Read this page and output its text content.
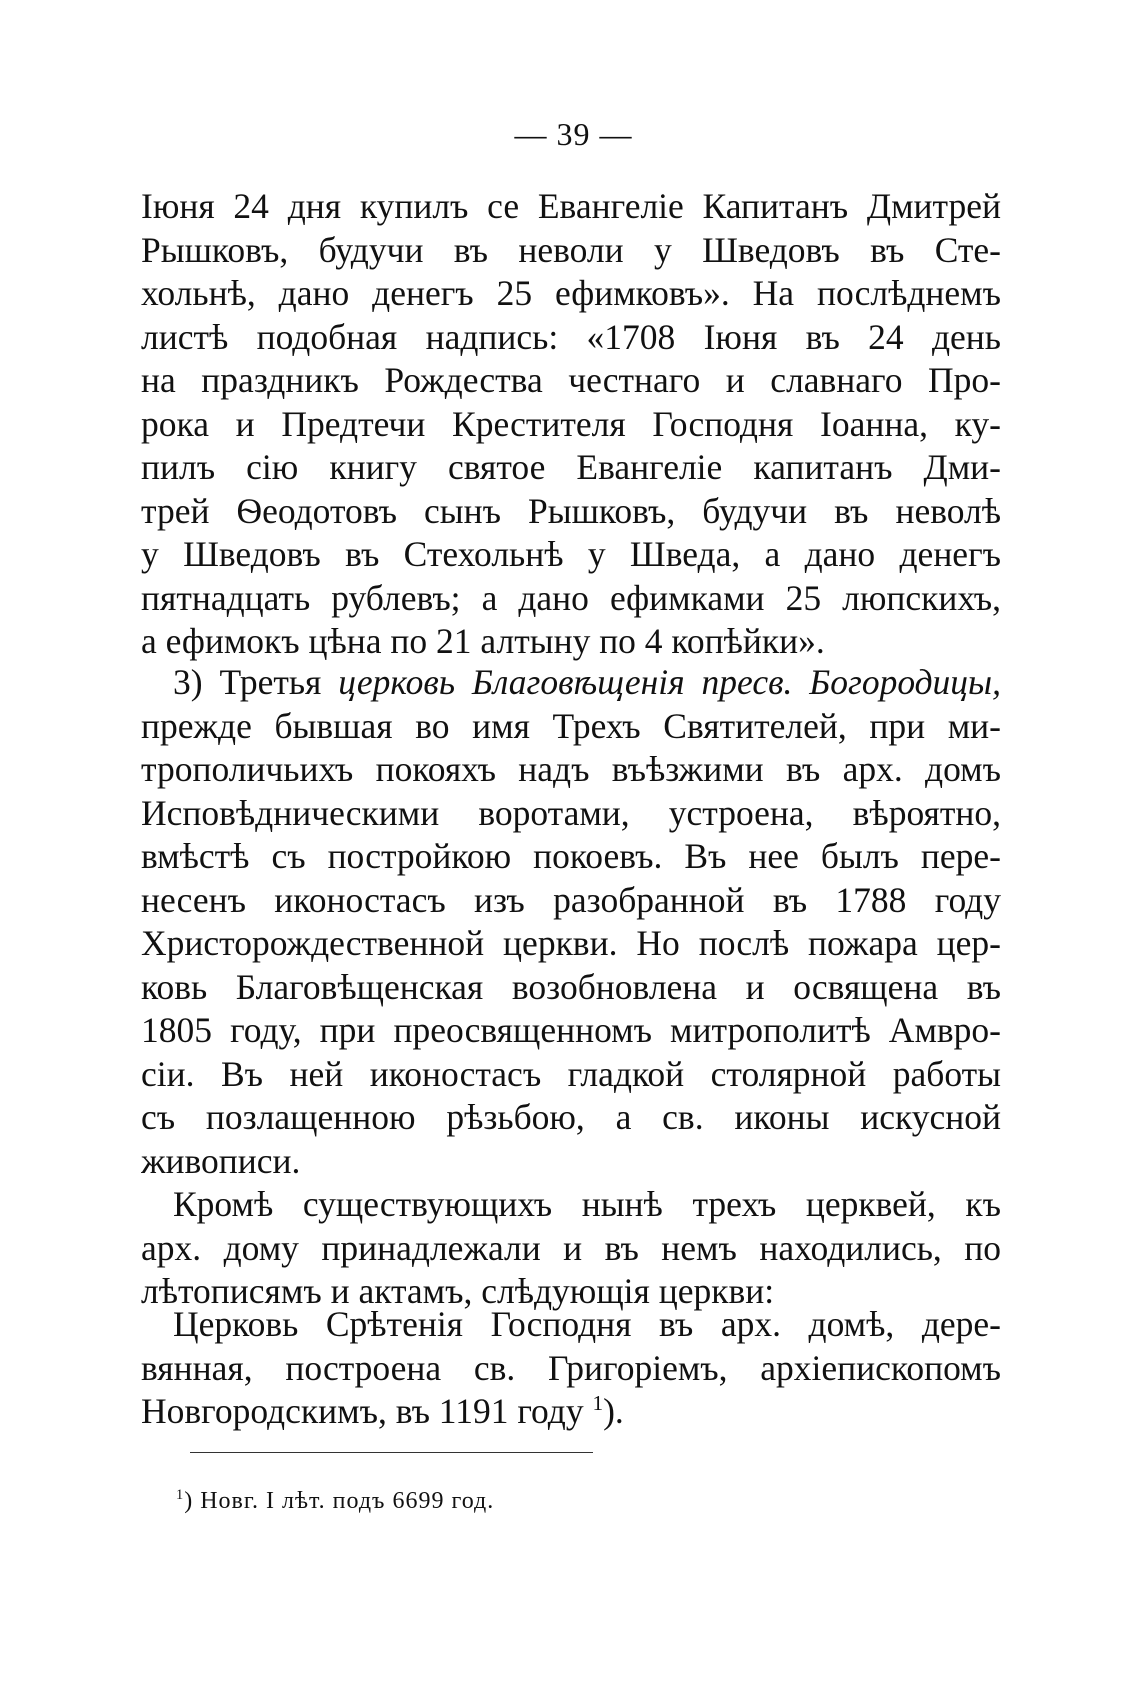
— 39 —
Іюня 24 дня купилъ се Евангеліе Капитанъ Дмитрей
Рышковъ, будучи въ неволи у Шведовъ въ Сте-
хольнѣ, дано денегъ 25 ефимковъ». На послѣднемъ
листѣ подобная надпись: «1708 Іюня въ 24 день
на праздникъ Рождества честнаго и славнаго Про-
рока и Предтечи Крестителя Господня Іоанна, ку-
пилъ сію книгу святое Евангеліе капитанъ Дми-
трей Ѳеодотовъ сынъ Рышковъ, будучи въ неволѣ
у Шведовъ въ Стехольнѣ у Шведа, а дано денегъ
пятнадцать рублевъ; а дано ефимками 25 люпскихъ,
а ефимокъ цѣна по 21 алтыну по 4 копѣйки».
3) Третья церковь Благовѣщенія пресв. Богородицы,
прежде бывшая во имя Трехъ Святителей, при ми-
трополичьихъ покояхъ надъ въѣзжими въ арх. домъ
Исповѣдническими воротами, устроена, вѣроятно,
вмѣстѣ съ постройкою покоевъ. Въ нее былъ пере-
несенъ иконостасъ изъ разобранной въ 1788 году
Христорождественной церкви. Но послѣ пожара цер-
ковь Благовѣщенская возобновлена и освящена въ
1805 году, при преосвященномъ митрополитѣ Амвро-
сіи. Въ ней иконостасъ гладкой столярной работы
съ позлащенною рѣзьбою, а св. иконы искусной
живописи.
Кромѣ существующихъ нынѣ трехъ церквей, къ
арх. дому принадлежали и въ немъ находились, по
лѣтописямъ и актамъ, слѣдующія церкви:
Церковь Срѣтенія Господня въ арх. домѣ, дере-
вянная, построена св. Григоріемъ, архіепископомъ
Новгородскимъ, въ 1191 году $^1$).
$^1$) Новг. I лѣт. подъ 6699 год.
